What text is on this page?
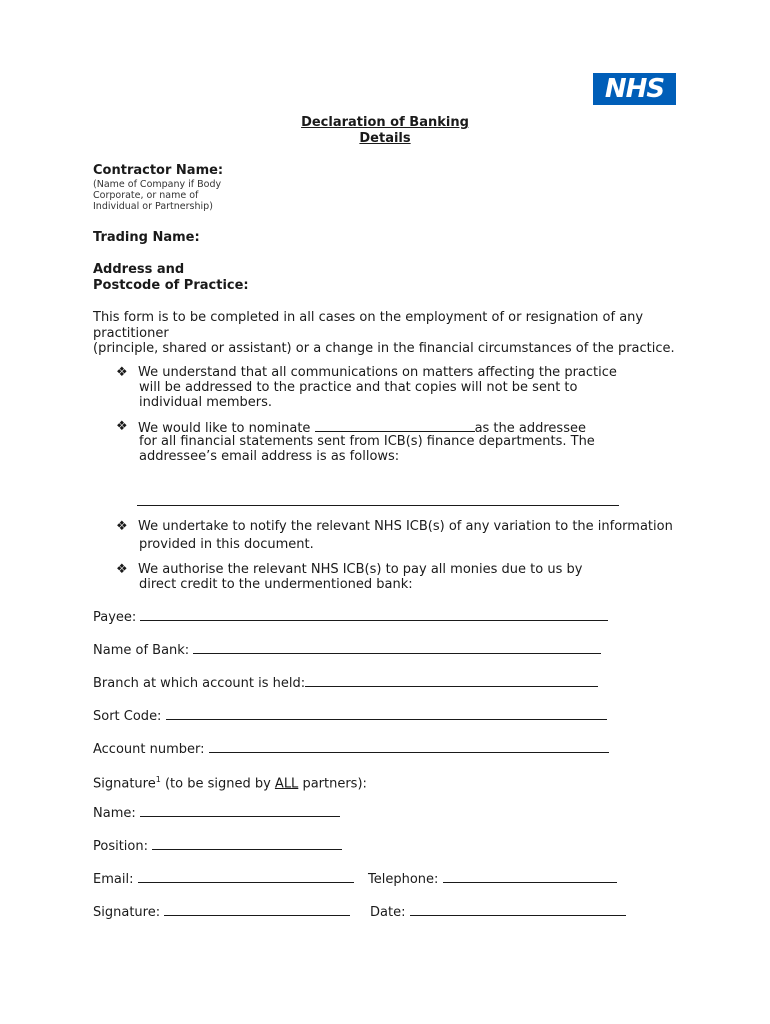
NHS
Declaration of Banking
Details
Contractor Name:
(Name of Company if Body
Corporate, or name of
Individual or Partnership)
Trading Name:
Address and
Postcode of Practice:
This form is to be completed in all cases on the employment of or resignation of any
practitioner
(principle, shared or assistant) or a change in the financial circumstances of the practice.
❖ We understand that all communications on matters affecting the practice
will be addressed to the practice and that copies will not be sent to
individual members.
❖ We would like to nominate	as the addressee
for all financial statements sent from ICB(s) finance departments. The
addressee’s email address is as follows:
❖ We undertake to notify the relevant NHS ICB(s) of any variation to the information
provided in this document.
❖ We authorise the relevant NHS ICB(s) to pay all monies due to us by
direct credit to the undermentioned bank:
Payee:
Name of Bank:
Branch at which account is held:
Sort Code:
Account number:
Signature$^1$ (to be signed by ALL partners):
Name:
Position:
Email:	Telephone:
Signature:	Date:
